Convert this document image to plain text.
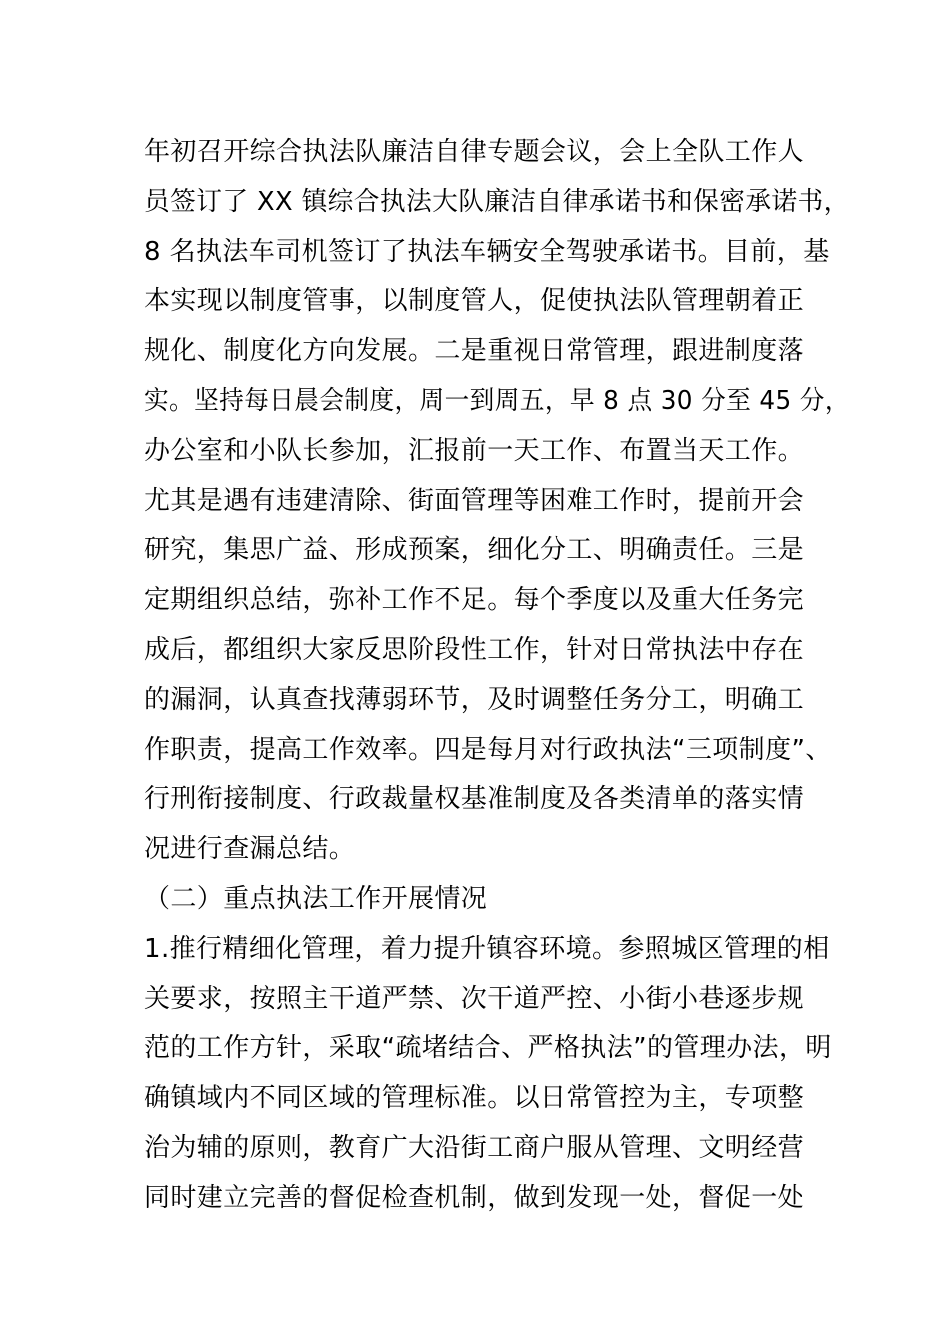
年初召开综合执法队廉洁自律专题会议，会上全队工作人
员签订了 XX 镇综合执法大队廉洁自律承诺书和保密承诺书，
8 名执法车司机签订了执法车辆安全驾驶承诺书。目前，基
本实现以制度管事，以制度管人，促使执法队管理朝着正
规化、制度化方向发展。二是重视日常管理，跟进制度落
实。坚持每日晨会制度，周一到周五，早 8 点 30 分至 45 分，
办公室和小队长参加，汇报前一天工作、布置当天工作。
尤其是遇有违建清除、街面管理等困难工作时，提前开会
研究，集思广益、形成预案，细化分工、明确责任。三是
定期组织总结，弥补工作不足。每个季度以及重大任务完
成后，都组织大家反思阶段性工作，针对日常执法中存在
的漏洞，认真查找薄弱环节，及时调整任务分工，明确工
作职责，提高工作效率。四是每月对行政执法“三项制度”、
行刑衔接制度、行政裁量权基准制度及各类清单的落实情
况进行查漏总结。
（二）重点执法工作开展情况
1.推行精细化管理，着力提升镇容环境。参照城区管理的相
关要求，按照主干道严禁、次干道严控、小街小巷逐步规
范的工作方针，采取“疏堵结合、严格执法”的管理办法，明
确镇域内不同区域的管理标准。以日常管控为主，专项整
治为辅的原则，教育广大沿街工商户服从管理、文明经营
同时建立完善的督促检查机制，做到发现一处，督促一处
